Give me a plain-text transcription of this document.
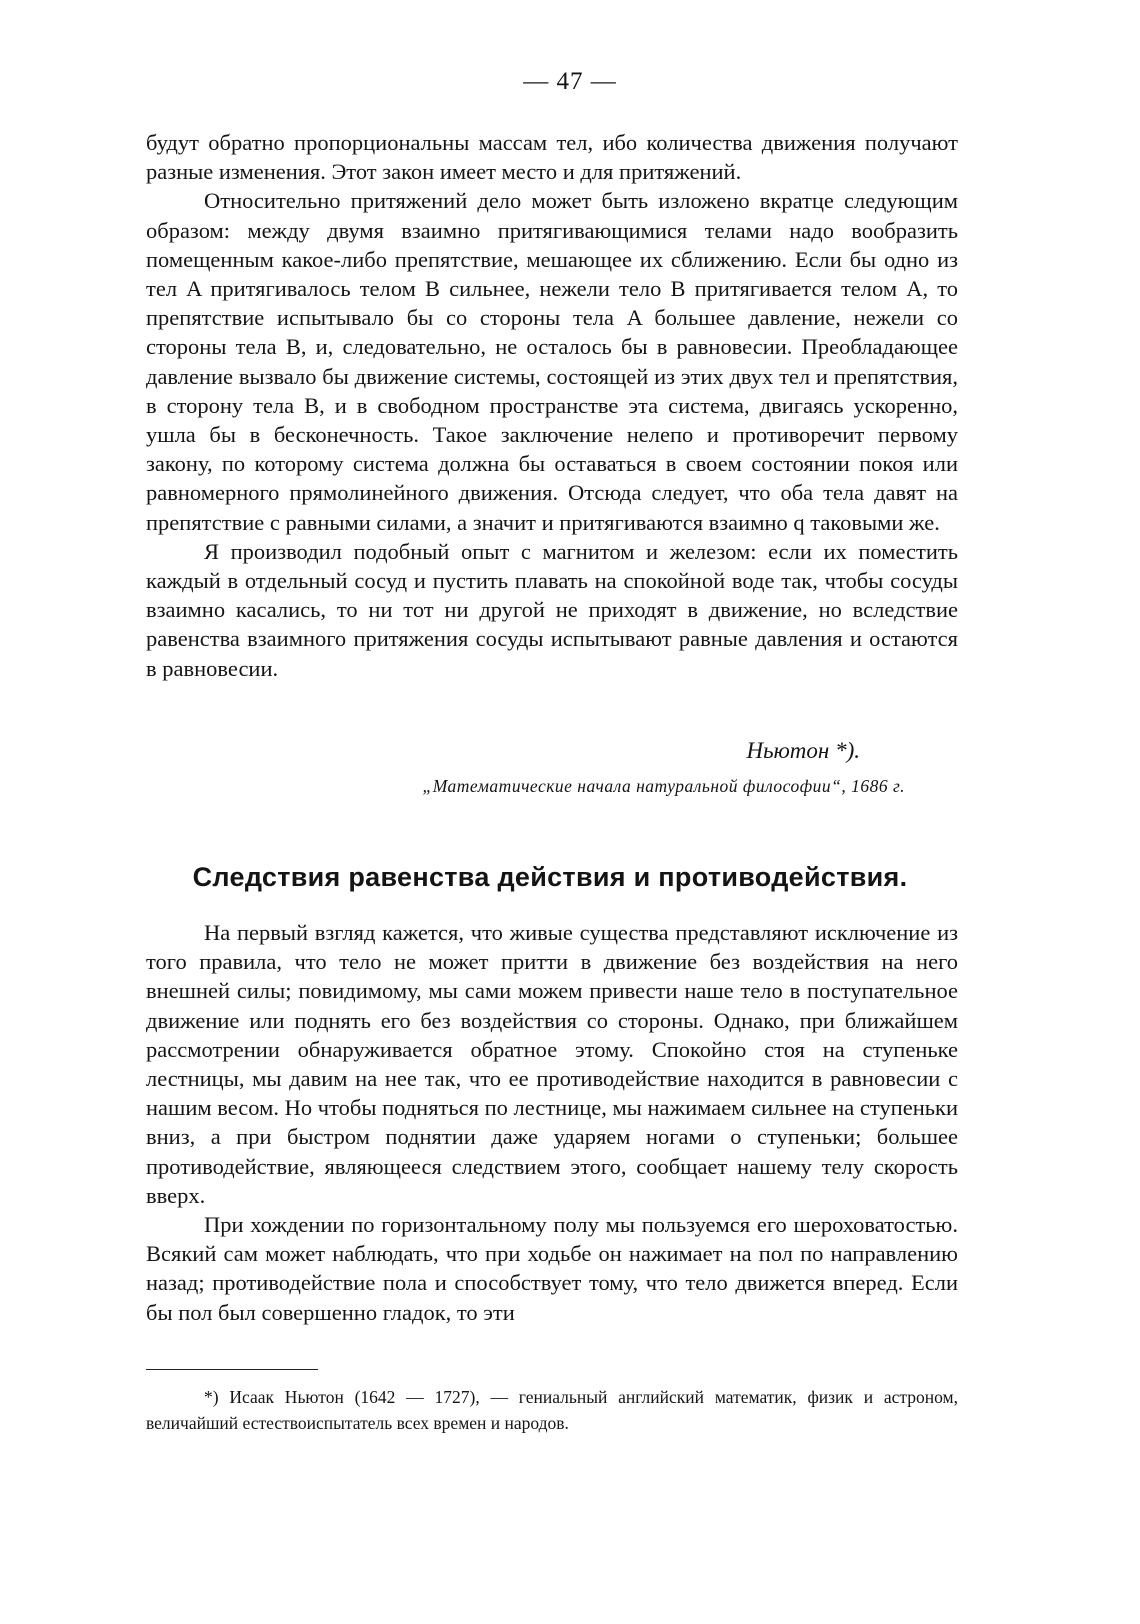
— 47 —

будут обратно пропорциональны массам тел, ибо количества движения получают разные изменения. Этот закон имеет место и для притяжений.

Относительно притяжений дело может быть изложено вкратце следующим образом: между двумя взаимно притягивающимися телами надо вообразить помещенным какое-либо препятствие, мешающее их сближению. Если бы одно из тел A притягивалось телом B сильнее, нежели тело B притягивается телом A, то препятствие испытывало бы со стороны тела A большее давление, нежели со стороны тела B, и, следовательно, не осталось бы в равновесии. Преобладающее давление вызвало бы движение системы, состоящей из этих двух тел и препятствия, в сторону тела B, и в свободном пространстве эта система, двигаясь ускоренно, ушла бы в бесконечность. Такое заключение нелепо и противоречит первому закону, по которому система должна бы оставаться в своем состоянии покоя или равномерного прямолинейного движения. Отсюда следует, что оба тела давят на препятствие с равными силами, а значит и притягиваются взаимно q таковыми же.

Я производил подобный опыт с магнитом и железом: если их поместить каждый в отдельный сосуд и пустить плавать на спокойной воде так, чтобы сосуды взаимно касались, то ни тот ни другой не приходят в движение, но вследствие равенства взаимного притяжения сосуды испытывают равные давления и остаются в равновесии.

Ньютон *).
„Математические начала натуральной философии“, 1686 г.
Следствия равенства действия и противодействия.

На первый взгляд кажется, что живые существа представляют исключение из того правила, что тело не может притти в движение без воздействия на него внешней силы; повидимому, мы сами можем привести наше тело в поступательное движение или поднять его без воздействия со стороны. Однако, при ближайшем рассмотрении обнаруживается обратное этому. Спокойно стоя на ступеньке лестницы, мы давим на нее так, что ее противодействие находится в равновесии с нашим весом. Но чтобы подняться по лестнице, мы нажимаем сильнее на ступеньки вниз, а при быстром поднятии даже ударяем ногами о ступеньки; большее противодействие, являющееся следствием этого, сообщает нашему телу скорость вверх.

При хождении по горизонтальному полу мы пользуемся его шероховатостью. Всякий сам может наблюдать, что при ходьбе он нажимает на пол по направлению назад; противодействие пола и способствует тому, что тело движется вперед. Если бы пол был совершенно гладок, то эти

*) Исаак Ньютон (1642 — 1727), — гениальный английский математик, физик и астроном, величайший естествоиспытатель всех времен и народов.
